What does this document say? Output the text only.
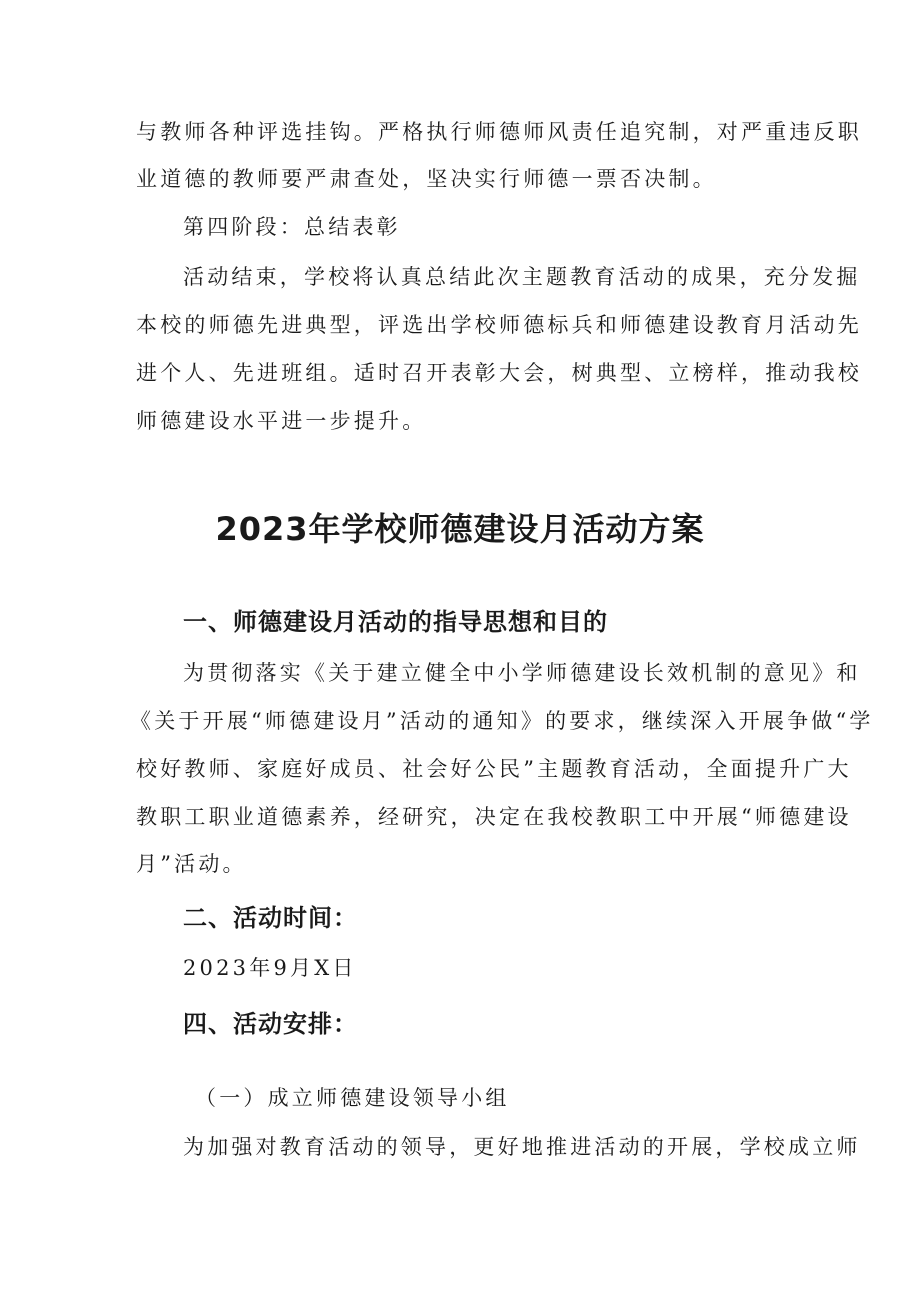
与教师各种评选挂钩。严格执行师德师风责任追究制，对严重违反职

业道德的教师要严肃查处，坚决实行师德一票否决制。

第四阶段：总结表彰

活动结束，学校将认真总结此次主题教育活动的成果，充分发掘

本校的师德先进典型，评选出学校师德标兵和师德建设教育月活动先

进个人、先进班组。适时召开表彰大会，树典型、立榜样，推动我校

师德建设水平进一步提升。

2023年学校师德建设月活动方案
一、师德建设月活动的指导思想和目的

为贯彻落实《关于建立健全中小学师德建设长效机制的意见》和

《关于开展“师德建设月”活动的通知》的要求，继续深入开展争做“学

校好教师、家庭好成员、社会好公民”主题教育活动，全面提升广大

教职工职业道德素养，经研究，决定在我校教职工中开展“师德建设

月”活动。

二、活动时间：

2023年9月X日

四、活动安排：

（一）成立师德建设领导小组

为加强对教育活动的领导，更好地推进活动的开展，学校成立师
